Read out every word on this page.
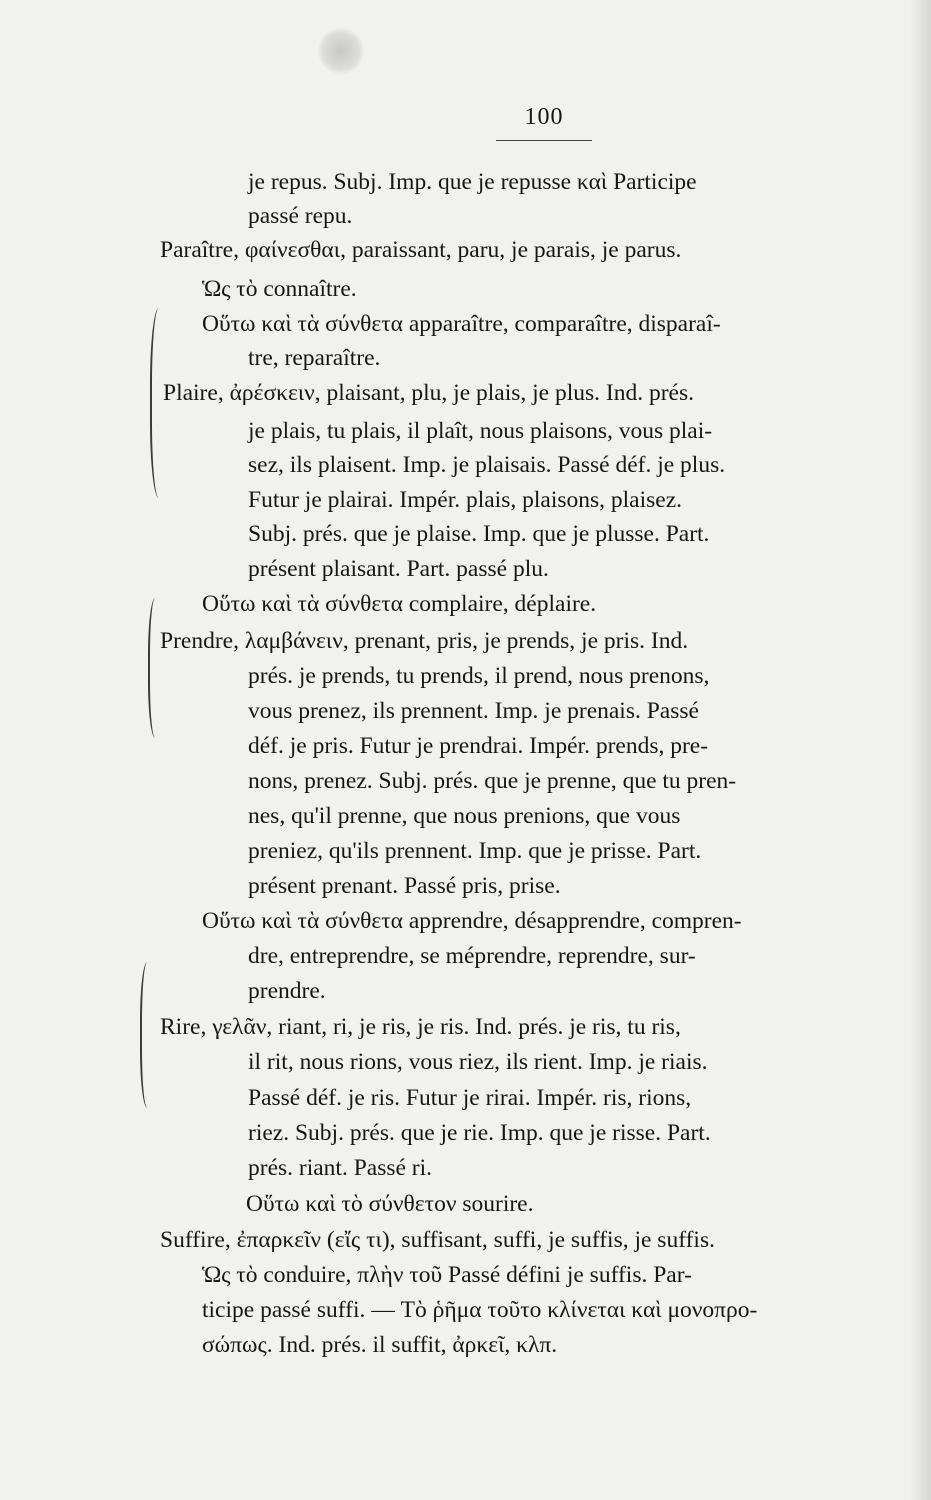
100
je repus. Subj. Imp. que je repusse καὶ Participe
passé repu.
Paraître, φαίνεσθαι, paraissant, paru, je parais, je parus.
Ὡς τὸ connaître.
Οὕτω καὶ τὰ σύνθετα apparaître, comparaître, disparaî-
tre, reparaître.
Plaire, ἀρέσκειν, plaisant, plu, je plais, je plus. Ind. prés.
je plais, tu plais, il plaît, nous plaisons, vous plai-
sez, ils plaisent. Imp. je plaisais. Passé déf. je plus.
Futur je plairai. Impér. plais, plaisons, plaisez.
Subj. prés. que je plaise. Imp. que je plusse. Part.
présent plaisant. Part. passé plu.
Οὕτω καὶ τὰ σύνθετα complaire, déplaire.
Prendre, λαμβάνειν, prenant, pris, je prends, je pris. Ind.
prés. je prends, tu prends, il prend, nous prenons,
vous prenez, ils prennent. Imp. je prenais. Passé
déf. je pris. Futur je prendrai. Impér. prends, pre-
nons, prenez. Subj. prés. que je prenne, que tu pren-
nes, qu'il prenne, que nous prenions, que vous
preniez, qu'ils prennent. Imp. que je prisse. Part.
présent prenant. Passé pris, prise.
Οὕτω καὶ τὰ σύνθετα apprendre, désapprendre, compren-
dre, entreprendre, se méprendre, reprendre, sur-
prendre.
Rire, γελᾶν, riant, ri, je ris, je ris. Ind. prés. je ris, tu ris,
il rit, nous rions, vous riez, ils rient. Imp. je riais.
Passé déf. je ris. Futur je rirai. Impér. ris, rions,
riez. Subj. prés. que je rie. Imp. que je risse. Part.
prés. riant. Passé ri.
Οὕτω καὶ τὸ σύνθετον sourire.
Suffire, ἐπαρκεῖν (εἴς τι), suffisant, suffi, je suffis, je suffis.
Ὡς τὸ conduire, πλὴν τοῦ Passé défini je suffis. Par-
ticipe passé suffi. — Τὸ ῥῆμα τοῦτο κλίνεται καὶ μονοπρο-
σώπως. Ind. prés. il suffit, ἀρκεῖ, κλπ.
